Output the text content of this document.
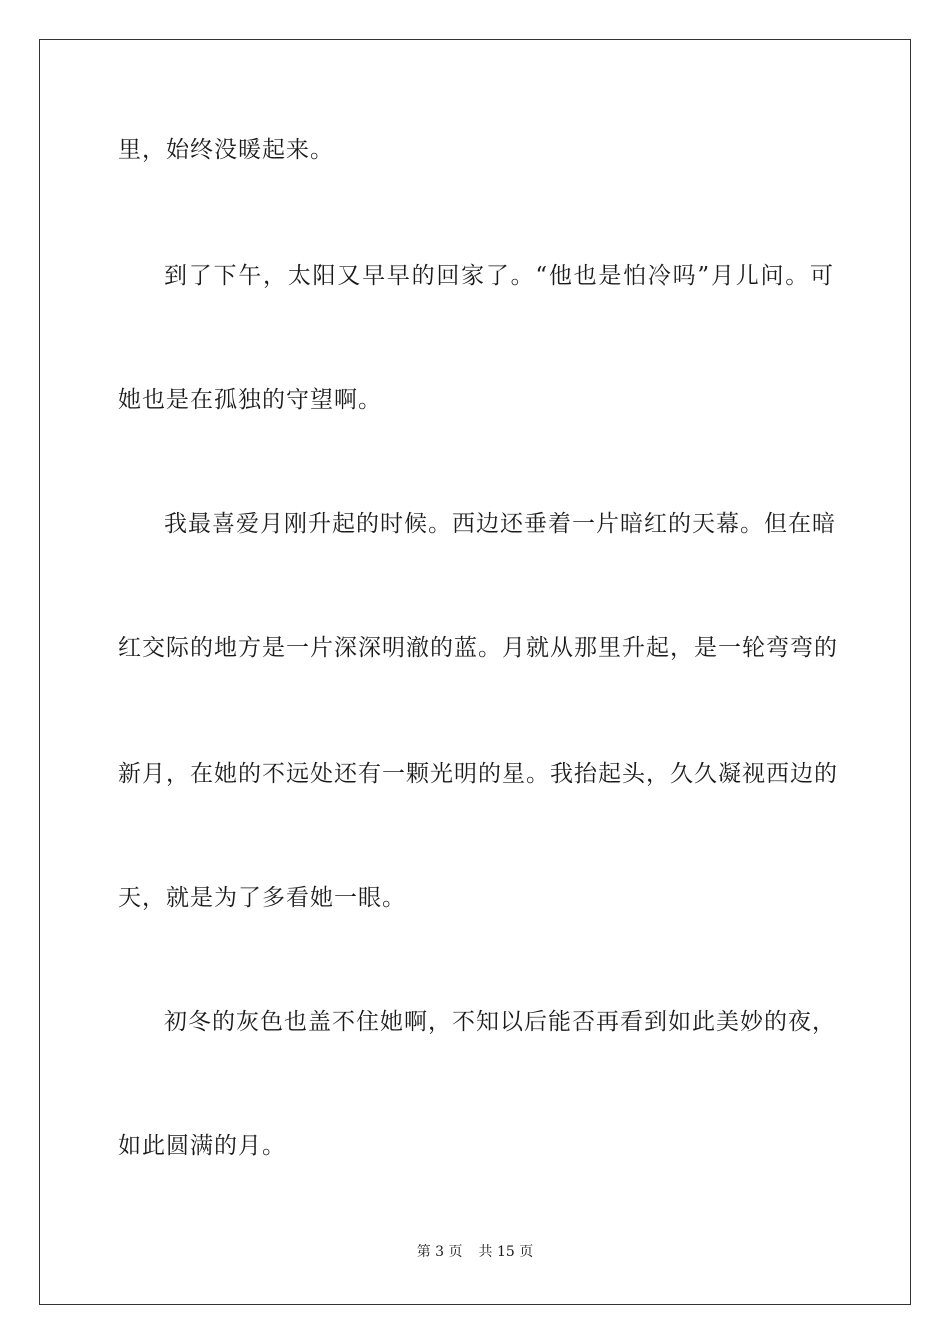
里，始终没暖起来。
到了下午，太阳又早早的回家了。“他也是怕冷吗”月儿问。可
她也是在孤独的守望啊。
我最喜爱月刚升起的时候。西边还垂着一片暗红的天幕。但在暗
红交际的地方是一片深深明澈的蓝。月就从那里升起，是一轮弯弯的
新月，在她的不远处还有一颗光明的星。我抬起头，久久凝视西边的
天，就是为了多看她一眼。
初冬的灰色也盖不住她啊，不知以后能否再看到如此美妙的夜，
如此圆满的月。
第 3 页 共 15 页
